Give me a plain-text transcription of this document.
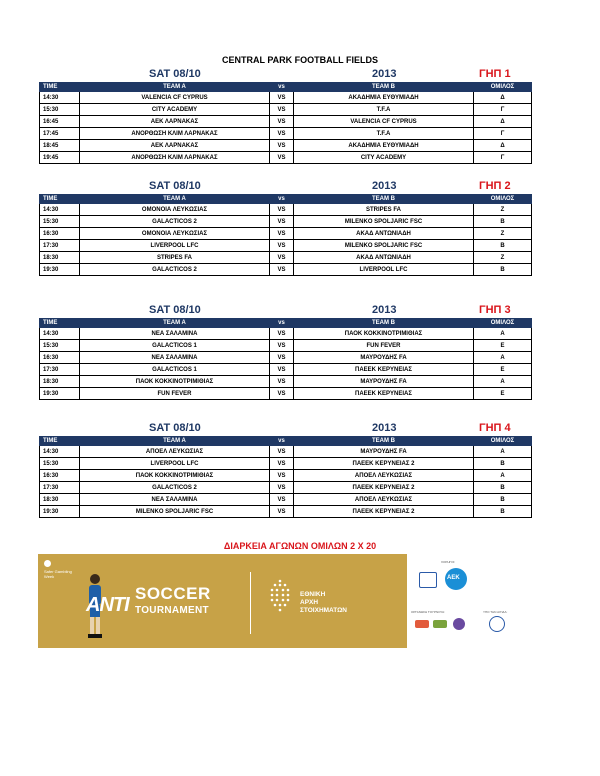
CENTRAL PARK FOOTBALL FIELDS
SAT 08/10	2013	ΓΗΠ 1
TIME	TEAM A	vs	TEAM B	ΟΜΙΛΟΣ
14:30	VALENCIA CF CYPRUS	VS	ΑΚΑΔΗΜΙΑ ΕΥΘΥΜΙΑΔΗ	Δ
15:30	CITY ACADEMY	VS	T.F.A	Γ
16:45	ΑΕΚ ΛΑΡΝΑΚΑΣ	VS	VALENCIA CF CYPRUS	Δ
17:45	ΑΝΟΡΘΩΣΗ ΚΛΙΜ ΛΑΡΝΑΚΑΣ	VS	T.F.A	Γ
18:45	ΑΕΚ ΛΑΡΝΑΚΑΣ	VS	ΑΚΑΔΗΜΙΑ ΕΥΘΥΜΙΑΔΗ	Δ
19:45	ΑΝΟΡΘΩΣΗ ΚΛΙΜ ΛΑΡΝΑΚΑΣ	VS	CITY ACADEMY	Γ
SAT 08/10	2013	ΓΗΠ 2
TIME	TEAM A	vs	TEAM B	ΟΜΙΛΟΣ
14:30	ΟΜΟΝΟΙΑ ΛΕΥΚΩΣΙΑΣ	VS	STRIPES FA	Z
15:30	GALACTICOS 2	VS	MILENKO SPOLJARIC FSC	B
16:30	ΟΜΟΝΟΙΑ ΛΕΥΚΩΣΙΑΣ	VS	ΑΚΑΔ ΑΝΤΩΝΙΑΔΗ	Z
17:30	LIVERPOOL LFC	VS	MILENKO SPOLJARIC FSC	B
18:30	STRIPES FA	VS	ΑΚΑΔ ΑΝΤΩΝΙΑΔΗ	Z
19:30	GALACTICOS 2	VS	LIVERPOOL LFC	B
SAT 08/10	2013	ΓΗΠ 3
TIME	TEAM A	vs	TEAM B	ΟΜΙΛΟΣ
14:30	ΝΕΑ ΣΑΛΑΜΙΝΑ	VS	ΠΑΟΚ ΚΟΚΚΙΝΟΤΡΙΜΙΘΙΑΣ	A
15:30	GALACTICOS 1	VS	FUN FEVER	E
16:30	ΝΕΑ ΣΑΛΑΜΙΝΑ	VS	ΜΑΥΡΟΥΔΗΣ FA	A
17:30	GALACTICOS 1	VS	ΠΑΕΕΚ ΚΕΡΥΝΕΙΑΣ	E
18:30	ΠΑΟΚ ΚΟΚΚΙΝΟΤΡΙΜΙΘΙΑΣ	VS	ΜΑΥΡΟΥΔΗΣ FA	A
19:30	FUN FEVER	VS	ΠΑΕΕΚ ΚΕΡΥΝΕΙΑΣ	E
SAT 08/10	2013	ΓΗΠ 4
TIME	TEAM A	vs	TEAM B	ΟΜΙΛΟΣ
14:30	ΑΠΟΕΛ ΛΕΥΚΩΣΙΑΣ	VS	ΜΑΥΡΟΥΔΗΣ FA	A
15:30	LIVERPOOL LFC	VS	ΠΑΕΕΚ ΚΕΡΥΝΕΙΑΣ 2	B
16:30	ΠΑΟΚ ΚΟΚΚΙΝΟΤΡΙΜΙΘΙΑΣ	VS	ΑΠΟΕΛ ΛΕΥΚΩΣΙΑΣ	A
17:30	GALACTICOS 2	VS	ΠΑΕΕΚ ΚΕΡΥΝΕΙΑΣ 2	B
18:30	ΝΕΑ ΣΑΛΑΜΙΝΑ	VS	ΑΠΟΕΛ ΛΕΥΚΩΣΙΑΣ	B
19:30	MILENKO SPOLJARIC FSC	VS	ΠΑΕΕΚ ΚΕΡΥΝΕΙΑΣ 2	B
ΔΙΑΡΚΕΙΑ ΑΓΩΝΩΝ ΟΜΙΛΩΝ 2 X 20
Safer Gambling Week
ANTI
SOCCER
TOURNAMENT
ΕΘΝΙΚΗ
ΑΡΧΗ
ΣΤΟΙΧΗΜΑΤΩΝ
ΧΟΡΗΓΟΙ:
ΑΕΚ
ΟΡΓΑΝΩΣΗ ΤΟΥΡΝΟΥΑ:	ΥΠΟ ΤΗΝ ΑΙΓΙΔΑ:
